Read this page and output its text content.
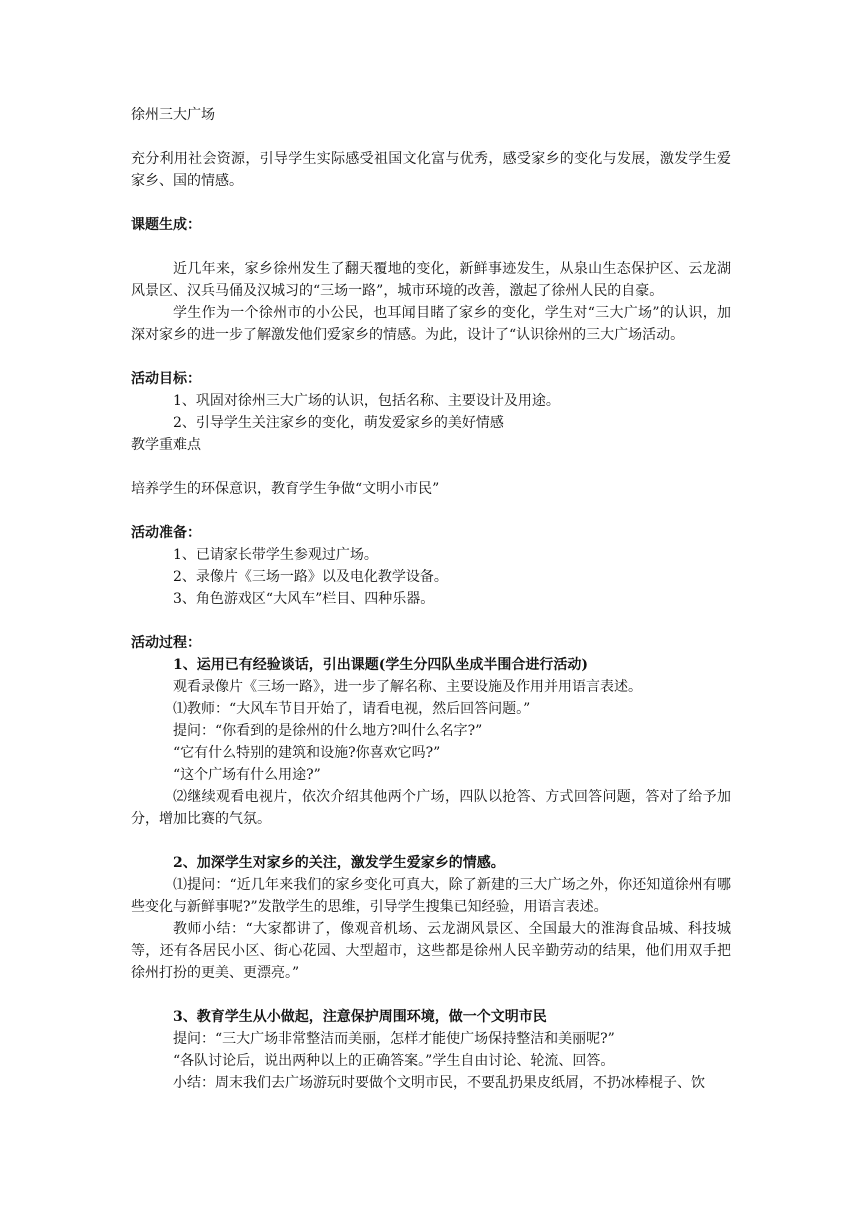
徐州三大广场

充分利用社会资源，引导学生实际感受祖国文化富与优秀，感受家乡的变化与发展，激发学生爱家乡、国的情感。

课题生成：

近几年来，家乡徐州发生了翻天覆地的变化，新鲜事迹发生，从泉山生态保护区、云龙湖风景区、汉兵马俑及汉城习的“三场一路”，城市环境的改善，激起了徐州人民的自豪。

学生作为一个徐州市的小公民，也耳闻目睹了家乡的变化，学生对“三大广场”的认识，加深对家乡的进一步了解激发他们爱家乡的情感。为此，设计了“认识徐州的三大广场活动。

活动目标：

1、巩固对徐州三大广场的认识，包括名称、主要设计及用途。

2、引导学生关注家乡的变化，萌发爱家乡的美好情感

教学重难点

培养学生的环保意识，教育学生争做“文明小市民”

活动准备：

1、已请家长带学生参观过广场。

2、录像片《三场一路》以及电化教学设备。

3、角色游戏区“大风车”栏目、四种乐器。

活动过程：

1、运用已有经验谈话，引出课题(学生分四队坐成半围合进行活动)

观看录像片《三场一路》，进一步了解名称、主要设施及作用并用语言表述。

⑴教师：“大风车节目开始了，请看电视，然后回答问题。”

提问：“你看到的是徐州的什么地方?叫什么名字?”

“它有什么特别的建筑和设施?你喜欢它吗?”

“这个广场有什么用途?”

⑵继续观看电视片，依次介绍其他两个广场，四队以抢答、方式回答问题，答对了给予加分，增加比赛的气氛。

2、加深学生对家乡的关注，激发学生爱家乡的情感。

⑴提问：“近几年来我们的家乡变化可真大，除了新建的三大广场之外，你还知道徐州有哪些变化与新鲜事呢?”发散学生的思维，引导学生搜集已知经验，用语言表述。

教师小结：“大家都讲了，像观音机场、云龙湖风景区、全国最大的淮海食品城、科技城等，还有各居民小区、街心花园、大型超市，这些都是徐州人民辛勤劳动的结果，他们用双手把徐州打扮的更美、更漂亮。”

3、教育学生从小做起，注意保护周围环境，做一个文明市民

提问：“三大广场非常整洁而美丽，怎样才能使广场保持整洁和美丽呢?”

“各队讨论后，说出两种以上的正确答案。”学生自由讨论、轮流、回答。

小结：周末我们去广场游玩时要做个文明市民，不要乱扔果皮纸屑，不扔冰棒棍子、饮
